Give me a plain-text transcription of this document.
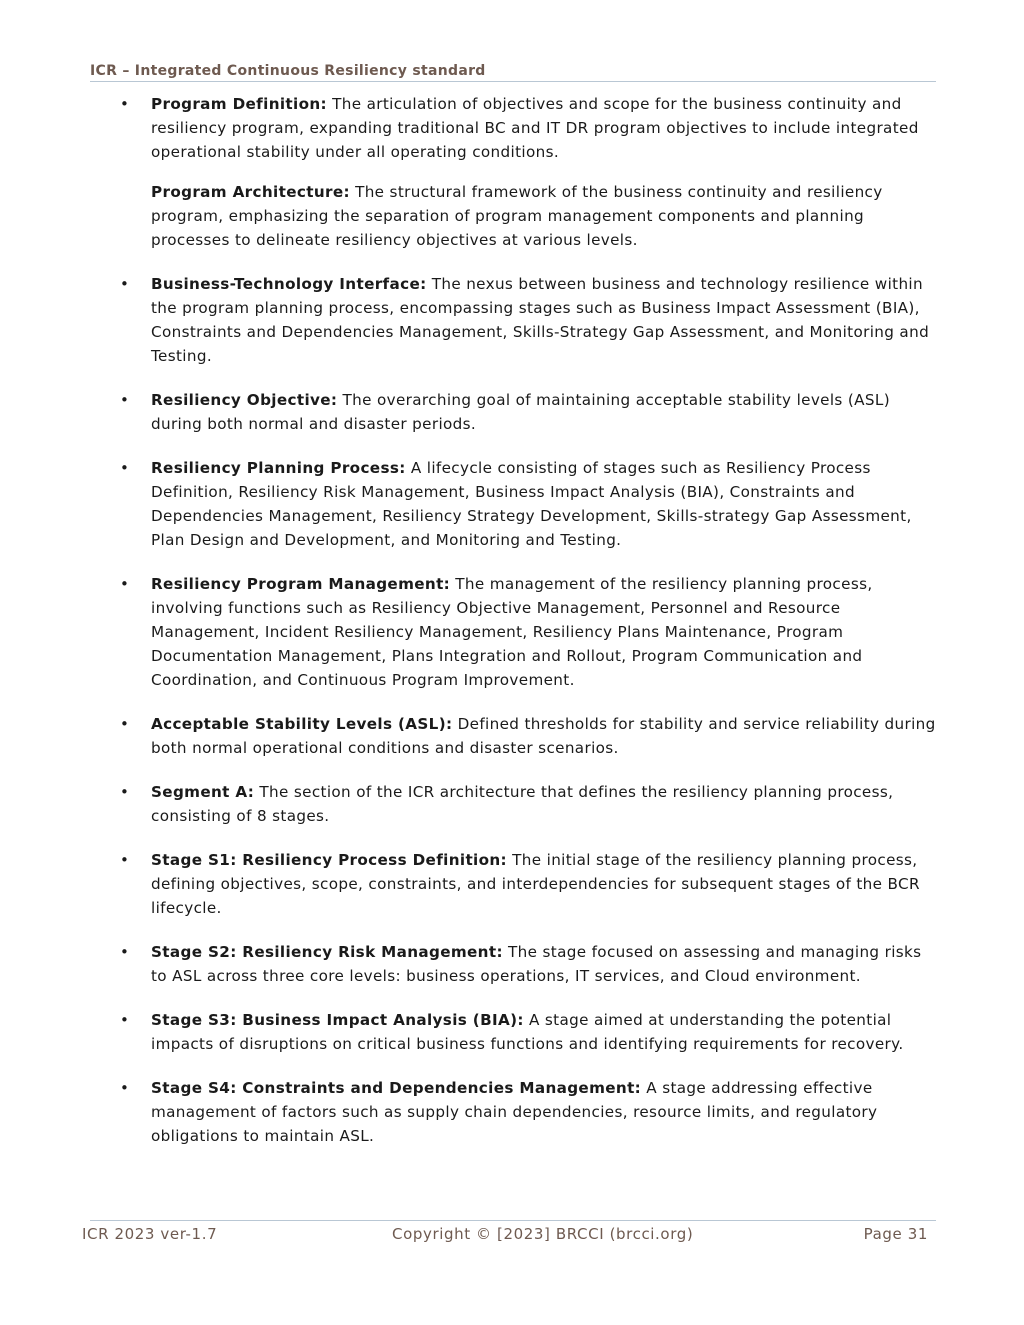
ICR – Integrated Continuous Resiliency standard
• Program Definition: The articulation of objectives and scope for the business continuity and resiliency program, expanding traditional BC and IT DR program objectives to include integrated operational stability under all operating conditions.
Program Architecture: The structural framework of the business continuity and resiliency program, emphasizing the separation of program management components and planning processes to delineate resiliency objectives at various levels.
• Business-Technology Interface: The nexus between business and technology resilience within the program planning process, encompassing stages such as Business Impact Assessment (BIA), Constraints and Dependencies Management, Skills-Strategy Gap Assessment, and Monitoring and Testing.
• Resiliency Objective: The overarching goal of maintaining acceptable stability levels (ASL) during both normal and disaster periods.
• Resiliency Planning Process: A lifecycle consisting of stages such as Resiliency Process Definition, Resiliency Risk Management, Business Impact Analysis (BIA), Constraints and Dependencies Management, Resiliency Strategy Development, Skills-strategy Gap Assessment, Plan Design and Development, and Monitoring and Testing.
• Resiliency Program Management: The management of the resiliency planning process, involving functions such as Resiliency Objective Management, Personnel and Resource Management, Incident Resiliency Management, Resiliency Plans Maintenance, Program Documentation Management, Plans Integration and Rollout, Program Communication and Coordination, and Continuous Program Improvement.
• Acceptable Stability Levels (ASL): Defined thresholds for stability and service reliability during both normal operational conditions and disaster scenarios.
• Segment A: The section of the ICR architecture that defines the resiliency planning process, consisting of 8 stages.
• Stage S1: Resiliency Process Definition: The initial stage of the resiliency planning process, defining objectives, scope, constraints, and interdependencies for subsequent stages of the BCR lifecycle.
• Stage S2: Resiliency Risk Management: The stage focused on assessing and managing risks to ASL across three core levels: business operations, IT services, and Cloud environment.
• Stage S3: Business Impact Analysis (BIA): A stage aimed at understanding the potential impacts of disruptions on critical business functions and identifying requirements for recovery.
• Stage S4: Constraints and Dependencies Management: A stage addressing effective management of factors such as supply chain dependencies, resource limits, and regulatory obligations to maintain ASL.
ICR 2023 ver-1.7	Copyright © [2023] BRCCI (brcci.org)	Page 31
